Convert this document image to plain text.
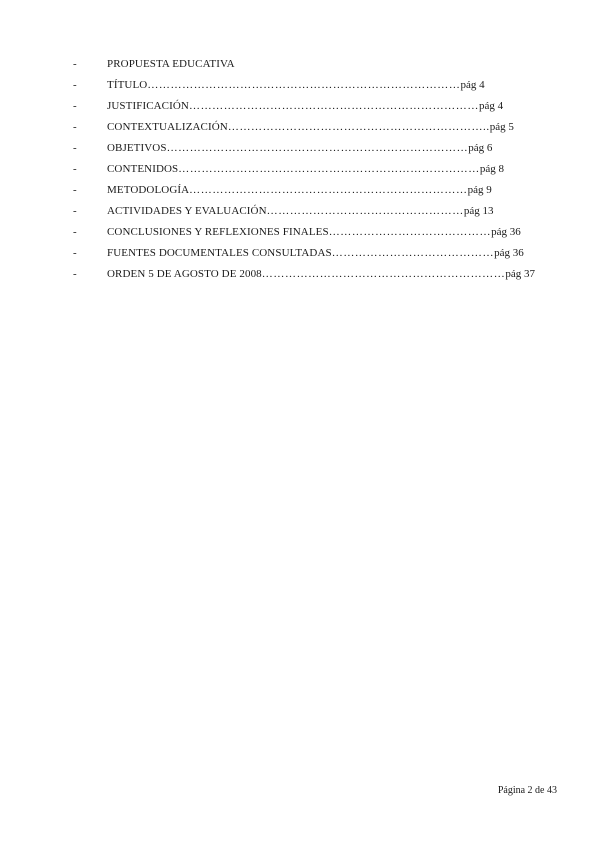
-	PROPUESTA EDUCATIVA
-	TÍTULO………………………………………………………………………pág 4
-	JUSTIFICACIÓN…………………………………………………………………pág 4
-	CONTEXTUALIZACIÓN…………………………………………………………..pág 5
-	OBJETIVOS……………………………………………………………………pág 6
-	CONTENIDOS……………………………………………………………………pág 8
-	METODOLOGÍA………………………………………………………………pág 9
-	ACTIVIDADES Y EVALUACIÓN……………………………………………pág 13
-	CONCLUSIONES Y REFLEXIONES FINALES……………………………………pág 36
-	FUENTES DOCUMENTALES CONSULTADAS……………………………………pág 36
-	ORDEN 5 DE AGOSTO DE 2008………………………………………………………pág 37
Página 2 de 43
